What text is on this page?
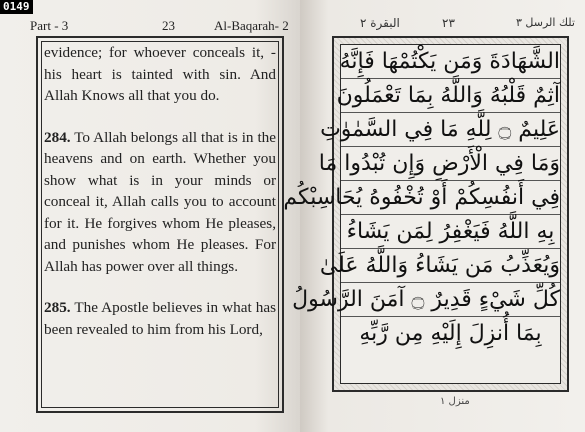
0149
Part - 3	23	Al-Baqarah- 2

evidence; for whoever conceals it, - his heart is tainted with sin. And Allah Knows all that you do.

284. To Allah belongs all that is in the heavens and on earth. Whether you show what is in your minds or conceal it, Allah calls you to account for it. He forgives whom He pleases, and punishes whom He pleases. For Allah has power over all things.

285. The Apostle believes in what has been revealed to him from his Lord,

تلك الرسل ٣
٢٣
البقرة ٢
الشَّهَادَةَ وَمَن يَكْتُمْهَا فَإِنَّهُ
آثِمٌ قَلْبُهُ وَاللَّهُ بِمَا تَعْمَلُونَ
عَلِيمٌ ۝ لِلَّهِ مَا فِي السَّمٰوٰتِ
وَمَا فِي الْأَرْضِ وَإِن تُبْدُوا مَا
فِي أَنفُسِكُمْ أَوْ تُخْفُوهُ يُحَاسِبْكُم
بِهِ اللَّهُ فَيَغْفِرُ لِمَن يَشَاءُ
وَيُعَذِّبُ مَن يَشَاءُ وَاللَّهُ عَلَىٰ
كُلِّ شَيْءٍ قَدِيرٌ ۝ آمَنَ الرَّسُولُ
بِمَا أُنزِلَ إِلَيْهِ مِن رَّبِّهِ
منزل ١
